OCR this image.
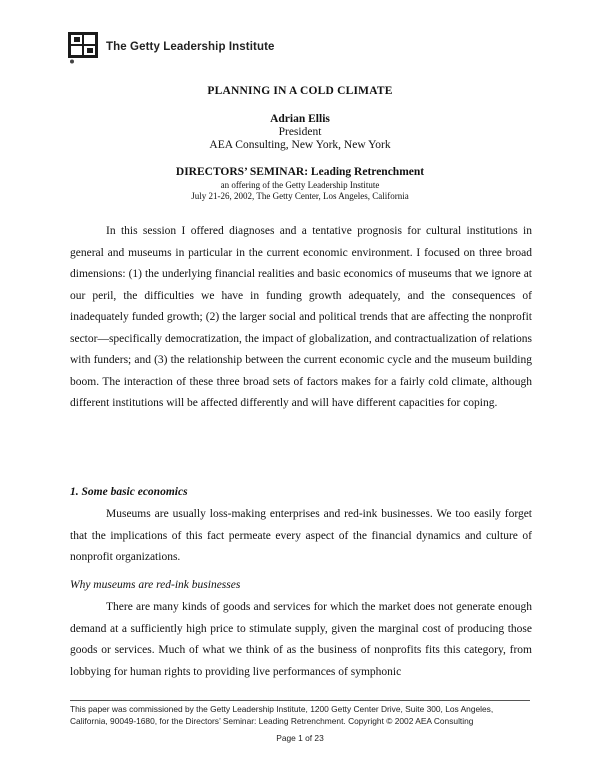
The Getty Leadership Institute
PLANNING IN A COLD CLIMATE
Adrian Ellis
President
AEA Consulting, New York, New York
DIRECTORS’ SEMINAR: Leading Retrenchment
an offering of the Getty Leadership Institute
July 21-26, 2002, The Getty Center, Los Angeles, California
In this session I offered diagnoses and a tentative prognosis for cultural institutions in general and museums in particular in the current economic environment. I focused on three broad dimensions: (1) the underlying financial realities and basic economics of museums that we ignore at our peril, the difficulties we have in funding growth adequately, and the consequences of inadequately funded growth; (2) the larger social and political trends that are affecting the nonprofit sector—specifically democratization, the impact of globalization, and contractualization of relations with funders; and (3) the relationship between the current economic cycle and the museum building boom. The interaction of these three broad sets of factors makes for a fairly cold climate, although different institutions will be affected differently and will have different capacities for coping.
1. Some basic economics
Museums are usually loss-making enterprises and red-ink businesses. We too easily forget that the implications of this fact permeate every aspect of the financial dynamics and culture of nonprofit organizations.
Why museums are red-ink businesses
There are many kinds of goods and services for which the market does not generate enough demand at a sufficiently high price to stimulate supply, given the marginal cost of producing those goods or services. Much of what we think of as the business of nonprofits fits this category, from lobbying for human rights to providing live performances of symphonic
This paper was commissioned by the Getty Leadership Institute, 1200 Getty Center Drive, Suite 300, Los Angeles, California, 90049-1680, for the Directors’ Seminar: Leading Retrenchment. Copyright © 2002 AEA Consulting
Page 1 of 23
